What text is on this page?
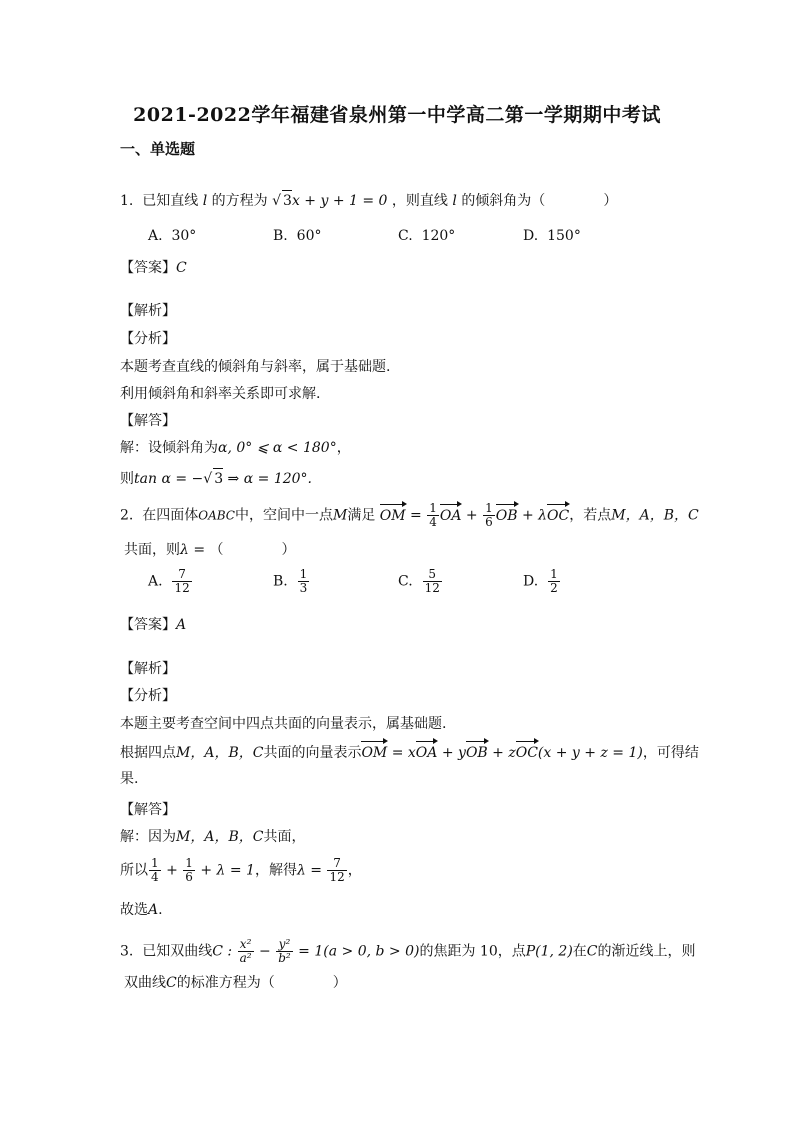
2021-2022学年福建省泉州第一中学高二第一学期期中考试
一、单选题
1. 已知直线 l 的方程为 √ 3x + y + 1 = 0 ，则直线 l 的倾斜角为（	）
A. 30°	B. 60°	C. 120°	D. 150°
【答案】C
【解析】
【分析】
本题考查直线的倾斜角与斜率，属于基础题.
利用倾斜角和斜率关系即可求解.
【解答】
解：设倾斜角为α, 0° ⩽ α < 180°，
则tan α = −√ 3 ⇒ α = 120°.
2. 在四面体OABC中，空间中一点M满足 OM = $\frac{1}{4}$ OA + $\frac{1}{6}$ OB + λOC，若点M，A，B，C
共面，则λ = （	）
A. $\frac{7}{12}$	B. $\frac{1}{3}$	C. $\frac{5}{12}$	D. $\frac{1}{2}$
【答案】A
【解析】
【分析】
本题主要考查空间中四点共面的向量表示，属基础题.
根据四点M，A，B，C共面的向量表示OM = xOA + yOB + zOC(x + y + z = 1)，可得结
果.
【解答】
解：因为M，A，B，C共面，
所以 $\frac{1}{4} + \frac{1}{6} + \lambda = 1$，解得$\lambda = \frac{7}{12}$ ，
故选A.
3. 已知双曲线C : $\frac{\text{x²}}{\text{a²}} - \frac{\text{y²}}{\text{b²}} = 1(a > 0$, b > 0)的焦距为 10，点P(1, 2)在C的渐近线上，则
双曲线C的标准方程为（	）
